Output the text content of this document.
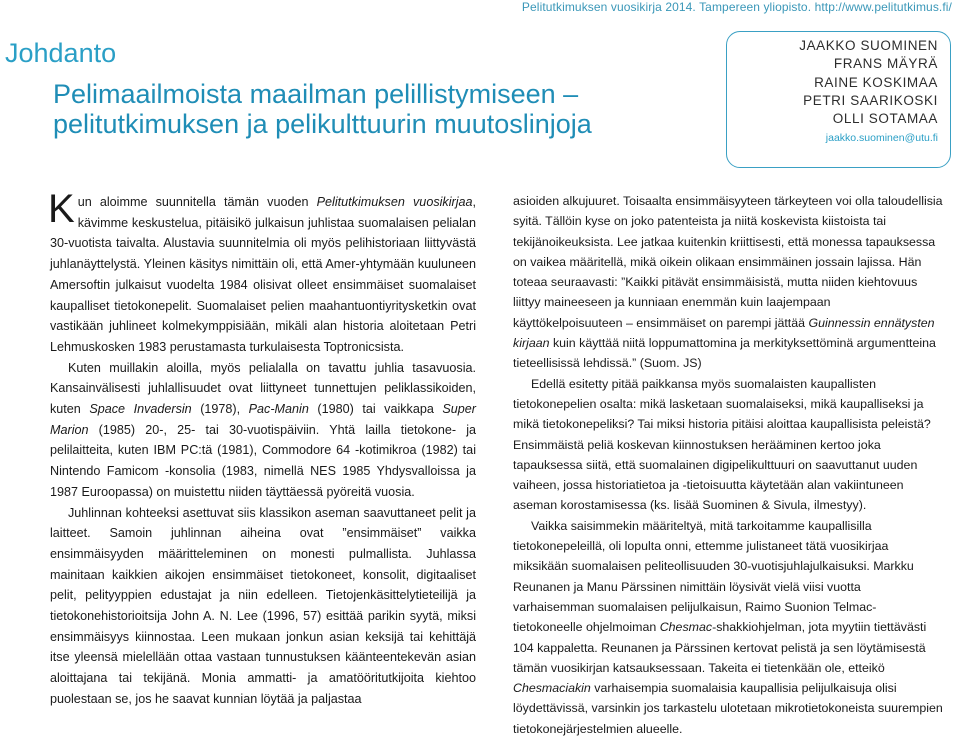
Pelitutkimuksen vuosikirja 2014. Tampereen yliopisto. http://www.pelitutkimus.fi/
Johdanto
Pelimaailmoista maailman pelillistymiseen –
pelitutkimuksen ja pelikulttuurin muutoslinjoja
JAAKKO SUOMINEN
FRANS MÄYRÄ
RAINE KOSKIMAA
PETRI SAARIKOSKI
OLLI SOTAMAA
jaakko.suominen@utu.fi

Kun aloimme suunnitella tämän vuoden Pelitutkimuksen vuosikirjaa, kävimme keskustelua, pitäisikö julkaisun juhlistaa suomalaisen pelialan 30-vuotista taivalta. Alustavia suunnitelmia oli myös pelihistoriaan liittyvästä juhlanäyttelystä. Yleinen käsitys nimittäin oli, että Amer-yhtymään kuuluneen Amersoftin julkaisut vuodelta 1984 olisivat olleet ensimmäiset suomalaiset kaupalliset tietokonepelit. Suomalaiset pelien maahantuontiyritysketkin ovat vastikään juhlineet kolmekymppisiään, mikäli alan historia aloitetaan Petri Lehmuskosken 1983 perustamasta turkulaisesta Toptronicsista.

Kuten muillakin aloilla, myös pelialalla on tavattu juhlia tasavuosia. Kansainvälisesti juhlallisuudet ovat liittyneet tunnettujen peliklassikoiden, kuten Space Invadersin (1978), Pac-Manin (1980) tai vaikkapa Super Marion (1985) 20-, 25- tai 30-vuotispäiviin. Yhtä lailla tietokone- ja pelilaitteita, kuten IBM PC:tä (1981), Commodore 64 -kotimikroa (1982) tai Nintendo Famicom -konsolia (1983, nimellä NES 1985 Yhdysvalloissa ja 1987 Euroopassa) on muistettu niiden täyttäessä pyöreitä vuosia.

Juhlinnan kohteeksi asettuvat siis klassikon aseman saavuttaneet pelit ja laitteet. Samoin juhlinnan aiheina ovat ”ensimmäiset” vaikka ensimmäisyyden määritteleminen on monesti pulmallista. Juhlassa mainitaan kaikkien aikojen ensimmäiset tietokoneet, konsolit, digitaaliset pelit, pelityyppien edustajat ja niin edelleen. Tietojenkäsittelytieteilijä ja tietokonehistorioitsija John A. N. Lee (1996, 57) esittää parikin syytä, miksi ensimmäisyys kiinnostaa. Leen mukaan jonkun asian keksijä tai kehittäjä itse yleensä mielellään ottaa vastaan tunnustuksen käänteentekevän asian aloittajana tai tekijänä. Monia ammatti- ja amatööritutkijoita kiehtoo puolestaan se, jos he saavat kunnian löytää ja paljastaa

asioiden alkujuuret. Toisaalta ensimmäisyyteen tärkeyteen voi olla taloudellisia syitä. Tällöin kyse on joko patenteista ja niitä koskevista kiistoista tai tekijänoikeuksista. Lee jatkaa kuitenkin kriittisesti, että monessa tapauksessa on vaikea määritellä, mikä oikein olikaan ensimmäinen jossain lajissa. Hän toteaa seuraavasti: ”Kaikki pitävät ensimmäisistä, mutta niiden kiehtovuus liittyy maineeseen ja kunniaan enemmän kuin laajempaan käyttökelpoisuuteen – ensimmäiset on parempi jättää Guinnessin ennätysten kirjaan kuin käyttää niitä loppumattomina ja merkityksettöminä argumentteina tieteellisissä lehdissä.” (Suom. JS)

Edellä esitetty pitää paikkansa myös suomalaisten kaupallisten tietokonepelien osalta: mikä lasketaan suomalaiseksi, mikä kaupalliseksi ja mikä tietokonepeliksi? Tai miksi historia pitäisi aloittaa kaupallisista peleistä? Ensimmäistä peliä koskevan kiinnostuksen herääminen kertoo joka tapauksessa siitä, että suomalainen digipelikulttuuri on saavuttanut uuden vaiheen, jossa historiatietoa ja -tietoisuutta käytetään alan vakiintuneen aseman korostamisessa (ks. lisää Suominen & Sivula, ilmestyy).

Vaikka saisimmekin määriteltyä, mitä tarkoitamme kaupallisilla tietokonepeleillä, oli lopulta onni, ettemme julistaneet tätä vuosikirjaa miksikään suomalaisen peliteollisuuden 30-vuotisjuhlajulkaisuksi. Markku Reunanen ja Manu Pärssinen nimittäin löysivät vielä viisi vuotta varhaisemman suomalaisen pelijulkaisun, Raimo Suonion Telmac-tietokoneelle ohjelmoiman Chesmac-shakkiohjelman, jota myytiin tiettävästi 104 kappaletta. Reunanen ja Pärssinen kertovat pelistä ja sen löytämisestä tämän vuosikirjan katsauksessaan. Takeita ei tietenkään ole, etteikö Chesmaciakin varhaisempia suomalaisia kaupallisia pelijulkaisuja olisi löydettävissä, varsinkin jos tarkastelu ulotetaan mikrotietokoneista suurempien tietokonejärjestelmien alueelle.
